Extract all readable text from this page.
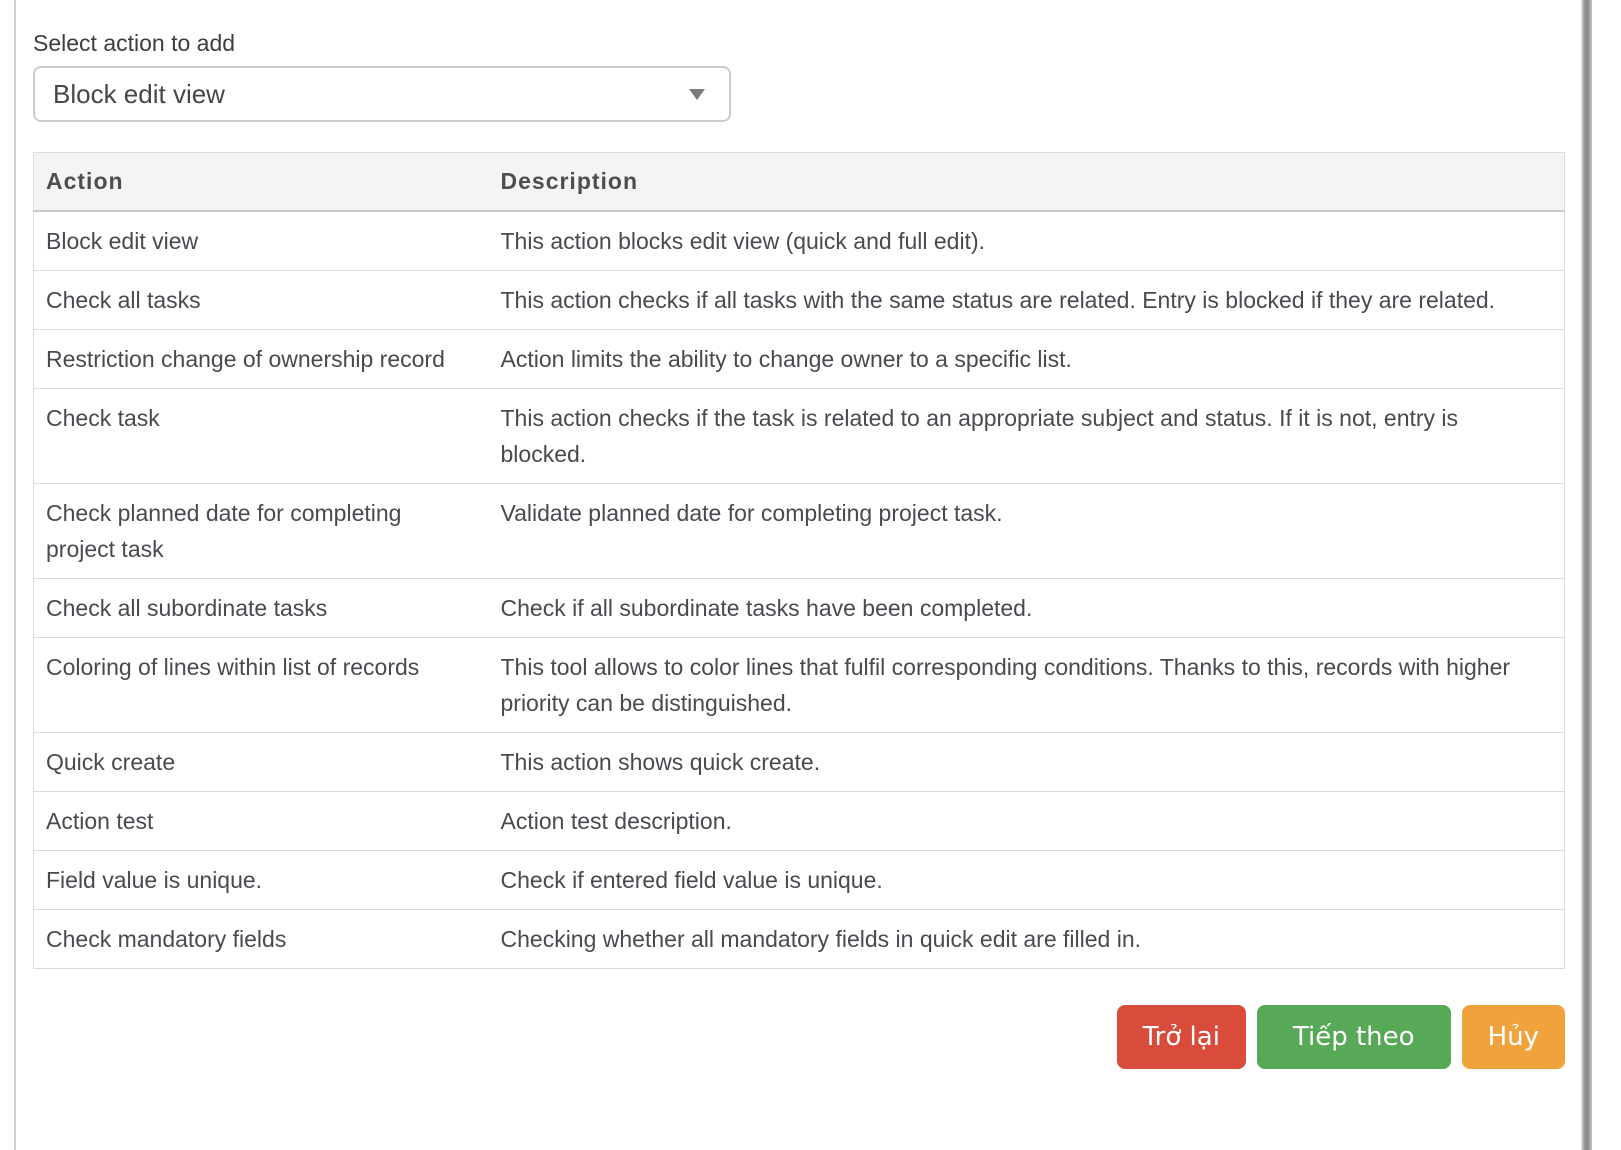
Select action to add
Block edit view
Action	Description
Block edit view	This action blocks edit view (quick and full edit).
Check all tasks	This action checks if all tasks with the same status are related. Entry is blocked if they are related.
Restriction change of ownership record	Action limits the ability to change owner to a specific list.
Check task	This action checks if the task is related to an appropriate subject and status. If it is not, entry is blocked.
Check planned date for completing project task	Validate planned date for completing project task.
Check all subordinate tasks	Check if all subordinate tasks have been completed.
Coloring of lines within list of records	This tool allows to color lines that fulfil corresponding conditions. Thanks to this, records with higher priority can be distinguished.
Quick create	This action shows quick create.
Action test	Action test description.
Field value is unique.	Check if entered field value is unique.
Check mandatory fields	Checking whether all mandatory fields in quick edit are filled in.
Trở lại	Tiếp theo	Hủy
